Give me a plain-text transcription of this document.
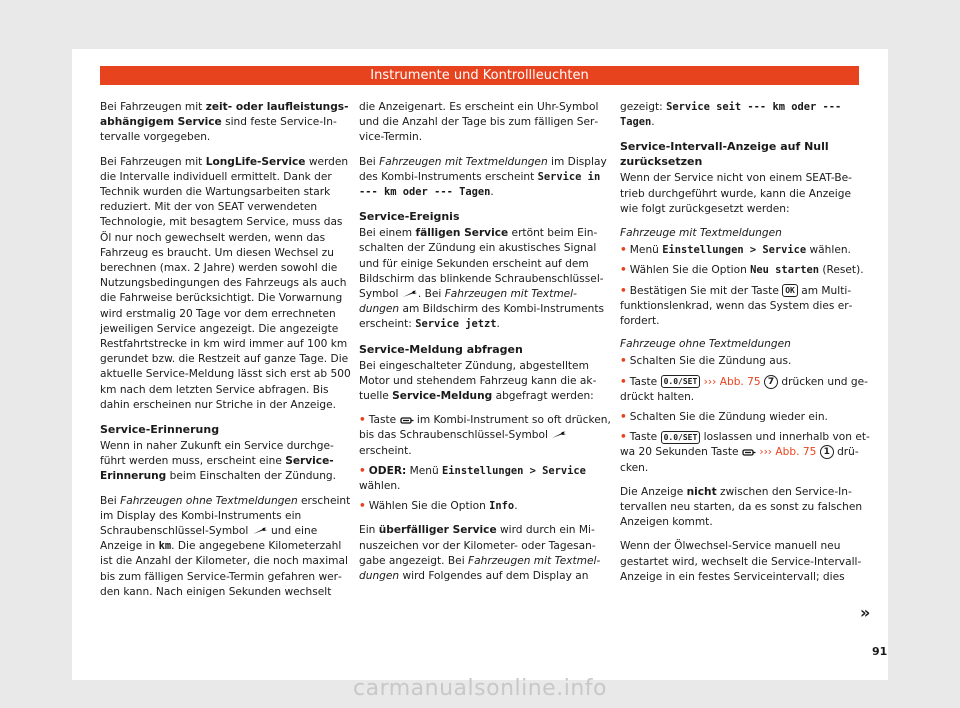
Instrumente und Kontrollleuchten

Bei Fahrzeugen mit zeit- oder laufleistungsabhängigem Service sind feste Service-Intervalle vorgegeben.

Bei Fahrzeugen mit LongLife-Service werden die Intervalle individuell ermittelt. Dank der Technik wurden die Wartungsarbeiten stark reduziert. Mit der von SEAT verwendeten Technologie, mit besagtem Service, muss das Öl nur noch gewechselt werden, wenn das Fahrzeug es braucht. Um diesen Wechsel zu berechnen (max. 2 Jahre) werden sowohl die Nutzungsbedingungen des Fahrzeugs als auch die Fahrweise berücksichtigt. Die Vorwarnung wird erstmalig 20 Tage vor dem errechneten jeweiligen Service angezeigt. Die angezeigte Restfahrtstrecke in km wird immer auf 100 km gerundet bzw. die Restzeit auf ganze Tage. Die aktuelle Service-Meldung lässt sich erst ab 500 km nach dem letzten Service abfragen. Bis dahin erscheinen nur Striche in der Anzeige.

Service-Erinnerung

Wenn in naher Zukunft ein Service durchgeführt werden muss, erscheint eine Service-Erinnerung beim Einschalten der Zündung.

Bei Fahrzeugen ohne Textmeldungen erscheint im Display des Kombi-Instruments ein Schraubenschlüssel-Symbol  und eine Anzeige in km. Die angegebene Kilometerzahl ist die Anzahl der Kilometer, die noch maximal bis zum fälligen Service-Termin gefahren werden kann. Nach einigen Sekunden wechselt

die Anzeigenart. Es erscheint ein Uhr-Symbol und die Anzahl der Tage bis zum fälligen Service-Termin.

Bei Fahrzeugen mit Textmeldungen im Display des Kombi-Instruments erscheint Service in --- km oder --- Tagen.

Service-Ereignis

Bei einem fälligen Service ertönt beim Einschalten der Zündung ein akustisches Signal und für einige Sekunden erscheint auf dem Bildschirm das blinkende Schraubenschlüssel-Symbol . Bei Fahrzeugen mit Textmeldungen am Bildschirm des Kombi-Instruments erscheint: Service jetzt.

Service-Meldung abfragen

Bei eingeschalteter Zündung, abgestelltem Motor und stehendem Fahrzeug kann die aktuelle Service-Meldung abgefragt werden:

• Taste  im Kombi-Instrument so oft drücken, bis das Schraubenschlüssel-Symbol  erscheint.
• ODER: Menü Einstellungen > Service wählen.
• Wählen Sie die Option Info.

Ein überfälliger Service wird durch ein Minuszeichen vor der Kilometer- oder Tagesangabe angezeigt. Bei Fahrzeugen mit Textmeldungen wird Folgendes auf dem Display an

gezeigt: Service seit --- km oder --- Tagen.

Service-Intervall-Anzeige auf Null zurücksetzen

Wenn der Service nicht von einem SEAT-Betrieb durchgeführt wurde, kann die Anzeige wie folgt zurückgesetzt werden:

Fahrzeuge mit Textmeldungen

• Menü Einstellungen > Service wählen.
• Wählen Sie die Option Neu starten (Reset).
• Bestätigen Sie mit der Taste OK am Multifunktionslenkrad, wenn das System dies erfordert.

Fahrzeuge ohne Textmeldungen

• Schalten Sie die Zündung aus.
• Taste 0.0/SET ››› Abb. 75 7 drücken und gedrückt halten.
• Schalten Sie die Zündung wieder ein.
• Taste 0.0/SET loslassen und innerhalb von etwa 20 Sekunden Taste  ››› Abb. 75 1 drücken.

Die Anzeige nicht zwischen den Service-Intervallen neu starten, da es sonst zu falschen Anzeigen kommt.

Wenn der Ölwechsel-Service manuell neu gestartet wird, wechselt die Service-Intervall-Anzeige in ein festes Serviceintervall; dies

»
91
carmanualsonline.info
